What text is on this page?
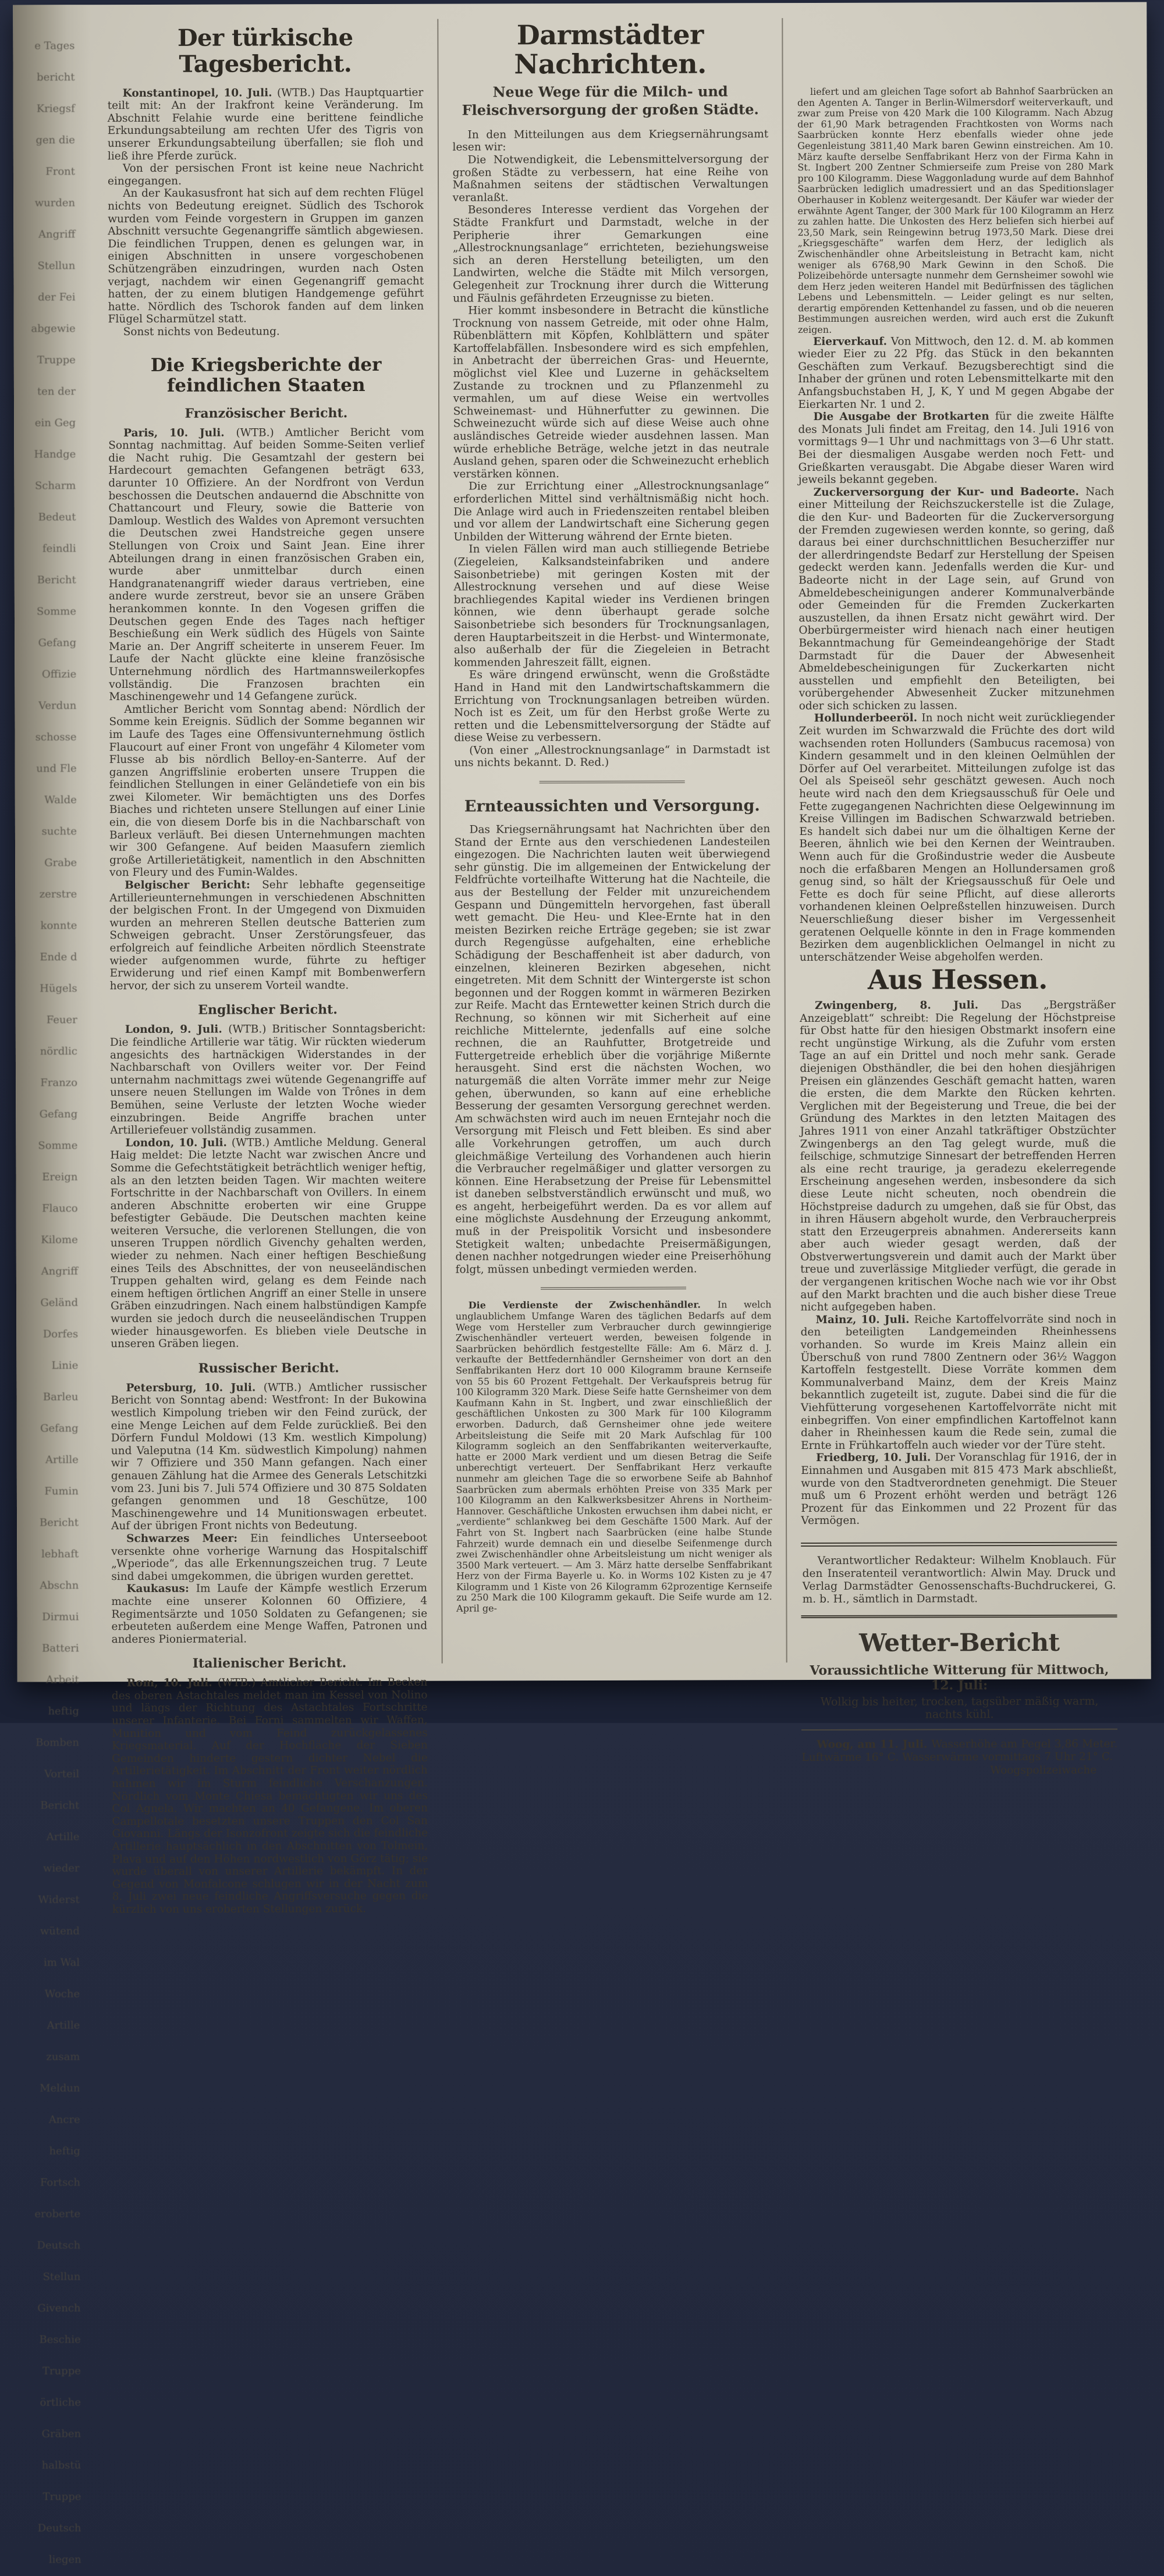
e Tages
bericht
Kriegsf
gen die
Front
wurden
Angriff
Stellun
der Fei
abgewie
Truppe
ten der
ein Geg
Handge
Scharm
Bedeut
feindli
Bericht
Somme
Gefang
Offizie
Verdun
schosse
und Fle
Walde
suchte
Grabe
zerstre
konnte
Ende d
Hügels
Feuer
nördlic
Franzo
Gefang
Somme
Ereign
Flauco
Kilome
Angriff
Geländ
Dorfes
Linie
Barleu
Gefang
Artille
Fumin
Bericht
lebhaft
Abschn
Dirmui
Batteri
Arbeit
heftig
Bomben
Vorteil
Bericht
Artille
wieder
Widerst
wütend
im Wal
Woche
Artille
zusam
Meldun
Ancre
heftig
Fortsch
eroberte
Deutsch
Stellun
Givench
Beschie
Truppe
örtliche
Gräben
halbstü
Truppe
Deutsch
liegen
Der türkische Tagesbericht.

Konstantinopel, 10. Juli. (WTB.) Das Hauptquartier teilt mit: An der Irakfront keine Veränderung. Im Abschnitt Felahie wurde eine berittene feindliche Erkundungsabteilung am rechten Ufer des Tigris von unserer Erkundungsabteilung überfallen; sie floh und ließ ihre Pferde zurück.

Von der persischen Front ist keine neue Nachricht eingegangen.

An der Kaukasusfront hat sich auf dem rechten Flügel nichts von Bedeutung ereignet. Südlich des Tschorok wurden vom Feinde vorgestern in Gruppen im ganzen Abschnitt versuchte Gegenangriffe sämtlich abgewiesen. Die feindlichen Truppen, denen es gelungen war, in einigen Abschnitten in unsere vorgeschobenen Schützengräben einzudringen, wurden nach Osten verjagt, nachdem wir einen Gegenangriff gemacht hatten, der zu einem blutigen Handgemenge geführt hatte. Nördlich des Tschorok fanden auf dem linken Flügel Scharmützel statt.

Sonst nichts von Bedeutung.

Die Kriegsberichte der feindlichen Staaten
Französischer Bericht.

Paris, 10. Juli. (WTB.) Amtlicher Bericht vom Sonntag nachmittag. Auf beiden Somme-Seiten verlief die Nacht ruhig. Die Gesamtzahl der gestern bei Hardecourt gemachten Gefangenen beträgt 633, darunter 10 Offiziere. An der Nordfront von Verdun beschossen die Deutschen andauernd die Abschnitte von Chattancourt und Fleury, sowie die Batterie von Damloup. Westlich des Waldes von Apremont versuchten die Deutschen zwei Handstreiche gegen unsere Stellungen von Croix und Saint Jean. Eine ihrer Abteilungen drang in einen französischen Graben ein, wurde aber unmittelbar durch einen Handgranatenangriff wieder daraus vertrieben, eine andere wurde zerstreut, bevor sie an unsere Gräben herankommen konnte. In den Vogesen griffen die Deutschen gegen Ende des Tages nach heftiger Beschießung ein Werk südlich des Hügels von Sainte Marie an. Der Angriff scheiterte in unserem Feuer. Im Laufe der Nacht glückte eine kleine französische Unternehmung nördlich des Hartmannsweilerkopfes vollständig. Die Franzosen brachten ein Maschinengewehr und 14 Gefangene zurück.

Amtlicher Bericht vom Sonntag abend: Nördlich der Somme kein Ereignis. Südlich der Somme begannen wir im Laufe des Tages eine Offensivunternehmung östlich Flaucourt auf einer Front von ungefähr 4 Kilometer vom Flusse ab bis nördlich Belloy-en-Santerre. Auf der ganzen Angriffslinie eroberten unsere Truppen die feindlichen Stellungen in einer Geländetiefe von ein bis zwei Kilometer. Wir bemächtigten uns des Dorfes Biaches und richteten unsere Stellungen auf einer Linie ein, die von diesem Dorfe bis in die Nachbarschaft von Barleux verläuft. Bei diesen Unternehmungen machten wir 300 Gefangene. Auf beiden Maasufern ziemlich große Artillerietätigkeit, namentlich in den Abschnitten von Fleury und des Fumin-Waldes.

Belgischer Bericht: Sehr lebhafte gegenseitige Artillerieunternehmungen in verschiedenen Abschnitten der belgischen Front. In der Umgegend von Dixmuiden wurden an mehreren Stellen deutsche Batterien zum Schweigen gebracht. Unser Zerstörungsfeuer, das erfolgreich auf feindliche Arbeiten nördlich Steenstrate wieder aufgenommen wurde, führte zu heftiger Erwiderung und rief einen Kampf mit Bombenwerfern hervor, der sich zu unserem Vorteil wandte.

Englischer Bericht.

London, 9. Juli. (WTB.) Britischer Sonntagsbericht: Die feindliche Artillerie war tätig. Wir rückten wiederum angesichts des hartnäckigen Widerstandes in der Nachbarschaft von Ovillers weiter vor. Der Feind unternahm nachmittags zwei wütende Gegenangriffe auf unsere neuen Stellungen im Walde von Trônes in dem Bemühen, seine Verluste der letzten Woche wieder einzubringen. Beide Angriffe brachen unter Artilleriefeuer vollständig zusammen.

London, 10. Juli. (WTB.) Amtliche Meldung. General Haig meldet: Die letzte Nacht war zwischen Ancre und Somme die Gefechtstätigkeit beträchtlich weniger heftig, als an den letzten beiden Tagen. Wir machten weitere Fortschritte in der Nachbarschaft von Ovillers. In einem anderen Abschnitte eroberten wir eine Gruppe befestigter Gebäude. Die Deutschen machten keine weiteren Versuche, die verlorenen Stellungen, die von unseren Truppen nördlich Givenchy gehalten werden, wieder zu nehmen. Nach einer heftigen Beschießung eines Teils des Abschnittes, der von neuseeländischen Truppen gehalten wird, gelang es dem Feinde nach einem heftigen örtlichen Angriff an einer Stelle in unsere Gräben einzudringen. Nach einem halbstündigen Kampfe wurden sie jedoch durch die neuseeländischen Truppen wieder hinausgeworfen. Es blieben viele Deutsche in unseren Gräben liegen.

Russischer Bericht.

Petersburg, 10. Juli. (WTB.) Amtlicher russischer Bericht von Sonntag abend: Westfront: In der Bukowina westlich Kimpolung trieben wir den Feind zurück, der eine Menge Leichen auf dem Felde zurückließ. Bei den Dörfern Fundul Moldowi (13 Km. westlich Kimpolung) und Valeputna (14 Km. südwestlich Kimpolung) nahmen wir 7 Offiziere und 350 Mann gefangen. Nach einer genauen Zählung hat die Armee des Generals Letschitzki vom 23. Juni bis 7. Juli 574 Offiziere und 30 875 Soldaten gefangen genommen und 18 Geschütze, 100 Maschinengewehre und 14 Munitionswagen erbeutet. Auf der übrigen Front nichts von Bedeutung.

Schwarzes Meer: Ein feindliches Unterseeboot versenkte ohne vorherige Warnung das Hospitalschiff „Wperiode“, das alle Erkennungszeichen trug. 7 Leute sind dabei umgekommen, die übrigen wurden gerettet.

Kaukasus: Im Laufe der Kämpfe westlich Erzerum machte eine unserer Kolonnen 60 Offiziere, 4 Regimentsärzte und 1050 Soldaten zu Gefangenen; sie erbeuteten außerdem eine Menge Waffen, Patronen und anderes Pioniermaterial.

Italienischer Bericht.

Rom, 10. Juli. (WTB.) Amtlicher Bericht. Im Becken des oberen Astachtales meldet man im Kessel von Nolino und längs der Richtung des Astachtales Fortschritte unserer Infanterie. Bei Forni sammelten wir Waffen, Munition und vom Feind zurückgelassenes Kriegsmaterial. Auf der Hochfläche der Sieben Gemeinden hinderte gestern dichter Nebel die Artillerietätigkeit. Im Abschnitt der Front weiter nördlich nahmen wir im Sturm feindliche Verschanzungen. Nördlich vom Monte Chiesa bemächtigten wir uns des Col Agnela. Wir machten an 40 Gefangene. Im oberen Campellotale besetzten unsere Truppen den Col San Giovanni. Längs der Isonzofront zeigte sich die feindliche Artillerie hauptsächlich in den Abschnitten von Tolmein, Plava und auf den Höhen nordwestlich von Görz tätig; sie wurde überall von unserer Artillerie bekämpft. In der Gegend von Monfalcone schlugen wir in der Nacht zum 8. Juli zwei neue feindliche Angriffsversuche gegen die kürzlich von uns eroberten Stellungen zurück.

Darmstädter Nachrichten.
Neue Wege für die Milch- und Fleischversorgung der großen Städte.

In den Mitteilungen aus dem Kriegsernährungsamt lesen wir:

Die Notwendigkeit, die Lebensmittelversorgung der großen Städte zu verbessern, hat eine Reihe von Maßnahmen seitens der städtischen Verwaltungen veranlaßt.

Besonderes Interesse verdient das Vorgehen der Städte Frankfurt und Darmstadt, welche in der Peripherie ihrer Gemarkungen eine „Allestrocknungsanlage“ errichteten, beziehungsweise sich an deren Herstellung beteiligten, um den Landwirten, welche die Städte mit Milch versorgen, Gelegenheit zur Trocknung ihrer durch die Witterung und Fäulnis gefährdeten Erzeugnisse zu bieten.

Hier kommt insbesondere in Betracht die künstliche Trocknung von nassem Getreide, mit oder ohne Halm, Rübenblättern mit Köpfen, Kohlblättern und später Kartoffelabfällen. Insbesondere wird es sich empfehlen, in Anbetracht der überreichen Gras- und Heuernte, möglichst viel Klee und Luzerne in gehäckseltem Zustande zu trocknen und zu Pflanzenmehl zu vermahlen, um auf diese Weise ein wertvolles Schweinemast- und Hühnerfutter zu gewinnen. Die Schweinezucht würde sich auf diese Weise auch ohne ausländisches Getreide wieder ausdehnen lassen. Man würde erhebliche Beträge, welche jetzt in das neutrale Ausland gehen, sparen oder die Schweinezucht erheblich verstärken können.

Die zur Errichtung einer „Allestrocknungsanlage“ erforderlichen Mittel sind verhältnismäßig nicht hoch. Die Anlage wird auch in Friedenszeiten rentabel bleiben und vor allem der Landwirtschaft eine Sicherung gegen Unbilden der Witterung während der Ernte bieten.

In vielen Fällen wird man auch stilliegende Betriebe (Ziegeleien, Kalksandsteinfabriken und andere Saisonbetriebe) mit geringen Kosten mit der Allestrocknung versehen und auf diese Weise brachliegendes Kapital wieder ins Verdienen bringen können, wie denn überhaupt gerade solche Saisonbetriebe sich besonders für Trocknungsanlagen, deren Hauptarbeitszeit in die Herbst- und Wintermonate, also außerhalb der für die Ziegeleien in Betracht kommenden Jahreszeit fällt, eignen.

Es wäre dringend erwünscht, wenn die Großstädte Hand in Hand mit den Landwirtschaftskammern die Errichtung von Trocknungsanlagen betreiben würden. Noch ist es Zeit, um für den Herbst große Werte zu retten und die Lebensmittelversorgung der Städte auf diese Weise zu verbessern.

(Von einer „Allestrocknungsanlage“ in Darmstadt ist uns nichts bekannt. D. Red.)

Ernteaussichten und Versorgung.

Das Kriegsernährungsamt hat Nachrichten über den Stand der Ernte aus den verschiedenen Landesteilen eingezogen. Die Nachrichten lauten weit überwiegend sehr günstig. Die im allgemeinen der Entwickelung der Feldfrüchte vorteilhafte Witterung hat die Nachteile, die aus der Bestellung der Felder mit unzureichendem Gespann und Düngemitteln hervorgehen, fast überall wett gemacht. Die Heu- und Klee-Ernte hat in den meisten Bezirken reiche Erträge gegeben; sie ist zwar durch Regengüsse aufgehalten, eine erhebliche Schädigung der Beschaffenheit ist aber dadurch, von einzelnen, kleineren Bezirken abgesehen, nicht eingetreten. Mit dem Schnitt der Wintergerste ist schon begonnen und der Roggen kommt in wärmeren Bezirken zur Reife. Macht das Erntewetter keinen Strich durch die Rechnung, so können wir mit Sicherheit auf eine reichliche Mittelernte, jedenfalls auf eine solche rechnen, die an Rauhfutter, Brotgetreide und Futtergetreide erheblich über die vorjährige Mißernte herausgeht. Sind erst die nächsten Wochen, wo naturgemäß die alten Vorräte immer mehr zur Neige gehen, überwunden, so kann auf eine erhebliche Besserung der gesamten Versorgung gerechnet werden. Am schwächsten wird auch im neuen Erntejahr noch die Versorgung mit Fleisch und Fett bleiben. Es sind aber alle Vorkehrungen getroffen, um auch durch gleichmäßige Verteilung des Vorhandenen auch hierin die Verbraucher regelmäßiger und glatter versorgen zu können. Eine Herabsetzung der Preise für Lebensmittel ist daneben selbstverständlich erwünscht und muß, wo es angeht, herbeigeführt werden. Da es vor allem auf eine möglichste Ausdehnung der Erzeugung ankommt, muß in der Preispolitik Vorsicht und insbesondere Stetigkeit walten; unbedachte Preisermäßigungen, denen nachher notgedrungen wieder eine Preiserhöhung folgt, müssen unbedingt vermieden werden.

Die Verdienste der Zwischenhändler. In welch unglaublichem Umfange Waren des täglichen Bedarfs auf dem Wege vom Hersteller zum Verbraucher durch gewinngierige Zwischenhändler verteuert werden, beweisen folgende in Saarbrücken behördlich festgestellte Fälle: Am 6. März d. J. verkaufte der Bettfedernhändler Gernsheimer von dort an den Senffabrikanten Herz dort 10 000 Kilogramm braune Kernseife von 55 bis 60 Prozent Fettgehalt. Der Verkaufspreis betrug für 100 Kilogramm 320 Mark. Diese Seife hatte Gernsheimer von dem Kaufmann Kahn in St. Ingbert, und zwar einschließlich der geschäftlichen Unkosten zu 300 Mark für 100 Kilogramm erworben. Dadurch, daß Gernsheimer ohne jede weitere Arbeitsleistung die Seife mit 20 Mark Aufschlag für 100 Kilogramm sogleich an den Senffabrikanten weiterverkaufte, hatte er 2000 Mark verdient und um diesen Betrag die Seife unberechtigt verteuert. Der Senffabrikant Herz verkaufte nunmehr am gleichen Tage die so erworbene Seife ab Bahnhof Saarbrücken zum abermals erhöhten Preise von 335 Mark per 100 Kilogramm an den Kalkwerksbesitzer Ahrens in Northeim-Hannover. Geschäftliche Unkosten erwuchsen ihm dabei nicht, er „verdiente“ schlankweg bei dem Geschäfte 1500 Mark. Auf der Fahrt von St. Ingbert nach Saarbrücken (eine halbe Stunde Fahrzeit) wurde demnach ein und dieselbe Seifenmenge durch zwei Zwischenhändler ohne Arbeitsleistung um nicht weniger als 3500 Mark verteuert. — Am 3. März hatte derselbe Senffabrikant Herz von der Firma Bayerle u. Ko. in Worms 102 Kisten zu je 47 Kilogramm und 1 Kiste von 26 Kilogramm 62prozentige Kernseife zu 250 Mark die 100 Kilogramm gekauft. Die Seife wurde am 12. April ge-

liefert und am gleichen Tage sofort ab Bahnhof Saarbrücken an den Agenten A. Tanger in Berlin-Wilmersdorf weiterverkauft, und zwar zum Preise von 420 Mark die 100 Kilogramm. Nach Abzug der 61,90 Mark betragenden Frachtkosten von Worms nach Saarbrücken konnte Herz ebenfalls wieder ohne jede Gegenleistung 3811,40 Mark baren Gewinn einstreichen. Am 10. März kaufte derselbe Senffabrikant Herz von der Firma Kahn in St. Ingbert 200 Zentner Schmierseife zum Preise von 280 Mark pro 100 Kilogramm. Diese Waggonladung wurde auf dem Bahnhof Saarbrücken lediglich umadressiert und an das Speditionslager Oberhauser in Koblenz weitergesandt. Der Käufer war wieder der erwähnte Agent Tanger, der 300 Mark für 100 Kilogramm an Herz zu zahlen hatte. Die Unkosten des Herz beliefen sich hierbei auf 23,50 Mark, sein Reingewinn betrug 1973,50 Mark. Diese drei „Kriegsgeschäfte“ warfen dem Herz, der lediglich als Zwischenhändler ohne Arbeitsleistung in Betracht kam, nicht weniger als 6768,90 Mark Gewinn in den Schoß. Die Polizeibehörde untersagte nunmehr dem Gernsheimer sowohl wie dem Herz jeden weiteren Handel mit Bedürfnissen des täglichen Lebens und Lebensmitteln. — Leider gelingt es nur selten, derartig empörenden Kettenhandel zu fassen, und ob die neueren Bestimmungen ausreichen werden, wird auch erst die Zukunft zeigen.

Eierverkauf. Von Mittwoch, den 12. d. M. ab kommen wieder Eier zu 22 Pfg. das Stück in den bekannten Geschäften zum Verkauf. Bezugsberechtigt sind die Inhaber der grünen und roten Lebensmittelkarte mit den Anfangsbuchstaben H, J, K, Y und M gegen Abgabe der Eierkarten Nr. 1 und 2.

Die Ausgabe der Brotkarten für die zweite Hälfte des Monats Juli findet am Freitag, den 14. Juli 1916 von vormittags 9—1 Uhr und nachmittags von 3—6 Uhr statt. Bei der diesmaligen Ausgabe werden noch Fett- und Grießkarten verausgabt. Die Abgabe dieser Waren wird jeweils bekannt gegeben.

Zuckerversorgung der Kur- und Badeorte. Nach einer Mitteilung der Reichszuckerstelle ist die Zulage, die den Kur- und Badeorten für die Zuckerversorgung der Fremden zugewiesen werden konnte, so gering, daß daraus bei einer durchschnittlichen Besucherziffer nur der allerdringendste Bedarf zur Herstellung der Speisen gedeckt werden kann. Jedenfalls werden die Kur- und Badeorte nicht in der Lage sein, auf Grund von Abmeldebescheinigungen anderer Kommunalverbände oder Gemeinden für die Fremden Zuckerkarten auszustellen, da ihnen Ersatz nicht gewährt wird. Der Oberbürgermeister wird hienach nach einer heutigen Bekanntmachung für Gemeindeangehörige der Stadt Darmstadt für die Dauer der Abwesenheit Abmeldebescheinigungen für Zuckerkarten nicht ausstellen und empfiehlt den Beteiligten, bei vorübergehender Abwesenheit Zucker mitzunehmen oder sich schicken zu lassen.

Hollunderbeeröl. In noch nicht weit zurückliegender Zeit wurden im Schwarzwald die Früchte des dort wild wachsenden roten Hollunders (Sambucus racemosa) von Kindern gesammelt und in den kleinen Oelmühlen der Dörfer auf Oel verarbeitet. Mitteilungen zufolge ist das Oel als Speiseöl sehr geschätzt gewesen. Auch noch heute wird nach den dem Kriegsausschuß für Oele und Fette zugegangenen Nachrichten diese Oelgewinnung im Kreise Villingen im Badischen Schwarzwald betrieben. Es handelt sich dabei nur um die ölhaltigen Kerne der Beeren, ähnlich wie bei den Kernen der Weintrauben. Wenn auch für die Großindustrie weder die Ausbeute noch die erfaßbaren Mengen an Hollundersamen groß genug sind, so hält der Kriegsausschuß für Oele und Fette es doch für seine Pflicht, auf diese allerorts vorhandenen kleinen Oelpreßstellen hinzuweisen. Durch Neuerschließung dieser bisher im Vergessenheit geratenen Oelquelle könnte in den in Frage kommenden Bezirken dem augenblicklichen Oelmangel in nicht zu unterschätzender Weise abgeholfen werden.

Aus Hessen.

Zwingenberg, 8. Juli. Das „Bergsträßer Anzeigeblatt“ schreibt: Die Regelung der Höchstpreise für Obst hatte für den hiesigen Obstmarkt insofern eine recht ungünstige Wirkung, als die Zufuhr vom ersten Tage an auf ein Drittel und noch mehr sank. Gerade diejenigen Obsthändler, die bei den hohen diesjährigen Preisen ein glänzendes Geschäft gemacht hatten, waren die ersten, die dem Markte den Rücken kehrten. Verglichen mit der Begeisterung und Treue, die bei der Gründung des Marktes in den letzten Maitagen des Jahres 1911 von einer Anzahl tatkräftiger Obstzüchter Zwingenbergs an den Tag gelegt wurde, muß die feilschige, schmutzige Sinnesart der betreffenden Herren als eine recht traurige, ja geradezu ekelerregende Erscheinung angesehen werden, insbesondere da sich diese Leute nicht scheuten, noch obendrein die Höchstpreise dadurch zu umgehen, daß sie für Obst, das in ihren Häusern abgeholt wurde, den Verbraucherpreis statt den Erzeugerpreis abnahmen. Andererseits kann aber auch wieder gesagt werden, daß der Obstverwertungsverein und damit auch der Markt über treue und zuverlässige Mitglieder verfügt, die gerade in der vergangenen kritischen Woche nach wie vor ihr Obst auf den Markt brachten und die auch bisher diese Treue nicht aufgegeben haben.

Mainz, 10. Juli. Reiche Kartoffelvorräte sind noch in den beteiligten Landgemeinden Rheinhessens vorhanden. So wurde im Kreis Mainz allein ein Überschuß von rund 7800 Zentnern oder 36½ Waggon Kartoffeln festgestellt. Diese Vorräte kommen dem Kommunalverband Mainz, dem der Kreis Mainz bekanntlich zugeteilt ist, zugute. Dabei sind die für die Viehfütterung vorgesehenen Kartoffelvorräte nicht mit einbegriffen. Von einer empfindlichen Kartoffelnot kann daher in Rheinhessen kaum die Rede sein, zumal die Ernte in Frühkartoffeln auch wieder vor der Türe steht.

Friedberg, 10. Juli. Der Voranschlag für 1916, der in Einnahmen und Ausgaben mit 815 473 Mark abschließt, wurde von den Stadtverordneten genehmigt. Die Steuer muß um 6 Prozent erhöht werden und beträgt 126 Prozent für das Einkommen und 22 Prozent für das Vermögen.

Verantwortlicher Redakteur: Wilhelm Knoblauch. Für den Inseratenteil verantwortlich: Alwin May. Druck und Verlag Darmstädter Genossenschafts-Buchdruckerei, G. m. b. H., sämtlich in Darmstadt.

Wetter-Bericht
Voraussichtliche Witterung für Mittwoch, 12. Juli:
Wolkig bis heiter, trocken, tagsüber mäßig warm, nachts kühl.

Woog, am 11. Juli. Wasserhöhe am Pegel 3,86 Meter. Luftwärme 16° C. Wasserwärme vormittags 7 Uhr 21° C.

Woogspolizeiwache
